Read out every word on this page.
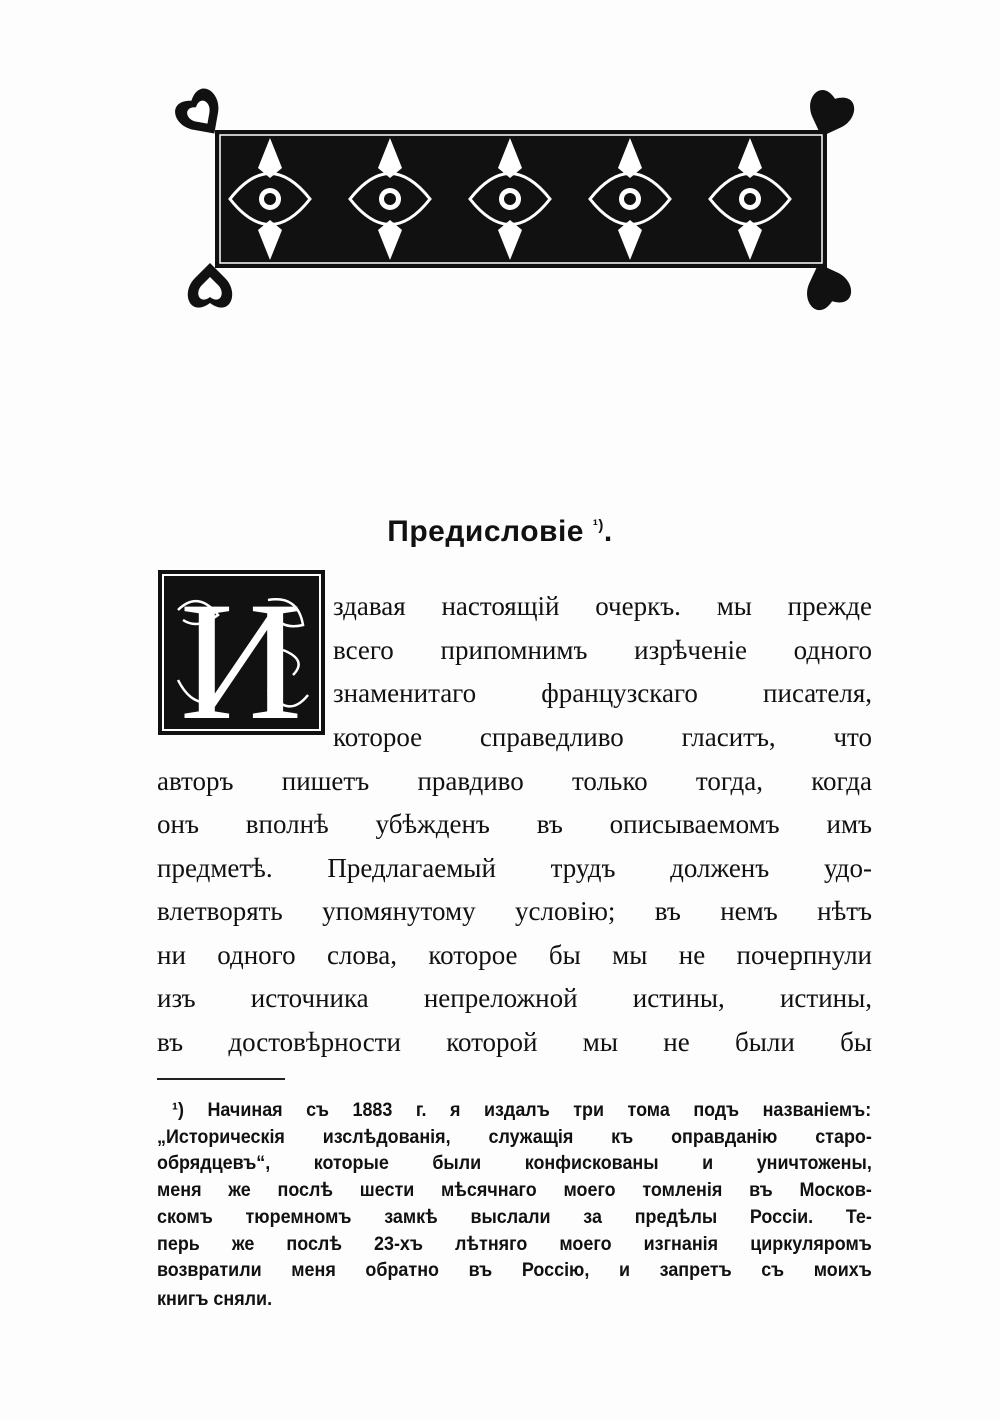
Предисловіе $^{^1)}$.
И здавая настоящій очеркъ. мы прежде
всего припомнимъ изрѣченіе одного
знаменитаго французскаго писателя,
которое справедливо гласитъ, что
авторъ пишетъ правдиво только тогда, когда
онъ вполнѣ убѣжденъ въ описываемомъ имъ
предметѣ. Предлагаемый трудъ долженъ удо-
влетворять упомянутому условію; въ немъ нѣтъ
ни одного слова, которое бы мы не почерпнули
изъ источника непреложной истины, истины,
въ достовѣрности которой мы не были бы
¹) Начиная съ 1883 г. я издалъ три тома подъ названіемъ:
„Историческія изслѣдованія, служащія къ оправданію старо-
обрядцевъ“, которые были конфискованы и уничтожены,
меня же послѣ шести мѣсячнаго моего томленія въ Москов-
скомъ тюремномъ замкѣ выслали за предѣлы Россіи. Те-
перь же послѣ 23-хъ лѣтняго моего изгнанія циркуляромъ
возвратили меня обратно въ Россію, и запретъ съ моихъ
книгъ сняли.
